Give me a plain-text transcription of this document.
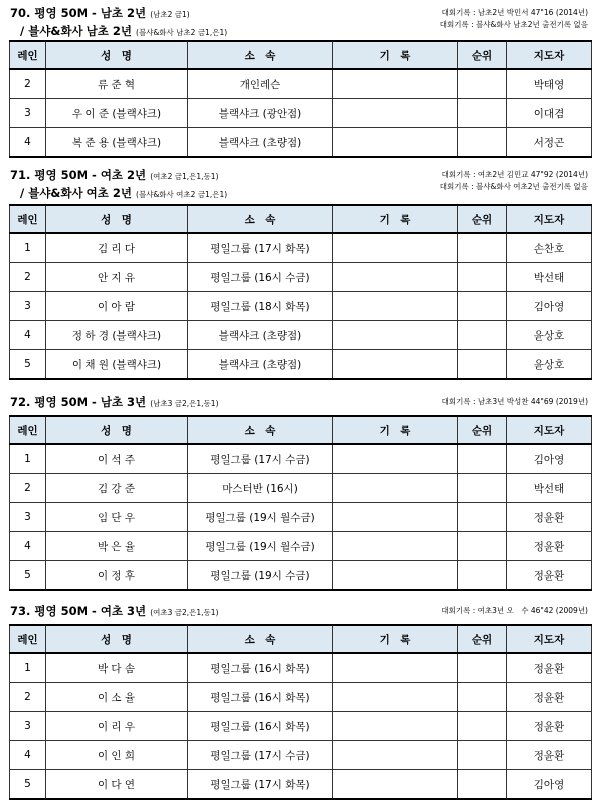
70. 평영 50M - 남초 2년 (남초2 금1)
/ 블샤&화사 남초 2년 (블샤&화사 남초2 금1,은1)
대회기록 : 남초2년 박민서 47"16 (2014년)
대회기록 : 블샤&화사 남초2년 출전기록 없음
레인	성　명	소　속	기　록	순위	지도자
2	류 준 혁	개인레슨			박태영
3	우 이 준 (블랙샤크)	블랙샤크 (광안점)			이대겸
4	복 준 용 (블랙샤크)	블랙샤크 (초량점)			서정곤
71. 평영 50M - 여초 2년 (여초2 금1,은1,동1)
/ 블샤&화사 여초 2년 (블샤&화사 여초2 금1,은1)
대회기록 : 여초2년 김민교 47"92 (2014년)
대회기록 : 블샤&화사 여초2년 출전기록 없음
레인	성　명	소　속	기　록	순위	지도자
1	김 리 다	평일그룹 (17시 화목)			손찬호
2	안 지 유	평일그룹 (16시 수금)			박선태
3	이 아 람	평일그룹 (18시 화목)			김아영
4	정 하 경 (블랙샤크)	블랙샤크 (초량점)			윤상호
5	이 채 원 (블랙샤크)	블랙샤크 (초량점)			윤상호
72. 평영 50M - 남초 3년 (남초3 금2,은1,동1)	대회기록 : 남초3년 박성찬 44"69 (2019년)
레인	성　명	소　속	기　록	순위	지도자
1	이 석 주	평일그룹 (17시 수금)			김아영
2	김 강 준	마스터반 (16시)			박선태
3	임 단 우	평일그룹 (19시 월수금)			정윤환
4	박 은 율	평일그룹 (19시 월수금)			정윤환
5	이 정 후	평일그룹 (19시 수금)			정윤환
73. 평영 50M - 여초 3년 (여초3 금2,은1,동1)	대회기록 : 여초3년 오　수 46"42 (2009년)
레인	성　명	소　속	기　록	순위	지도자
1	박 다 솜	평일그룹 (16시 화목)			정윤환
2	이 소 율	평일그룹 (16시 화목)			정윤환
3	이 리 우	평일그룹 (16시 화목)			정윤환
4	이 인 희	평일그룹 (17시 수금)			정윤환
5	이 다 연	평일그룹 (17시 화목)			김아영
